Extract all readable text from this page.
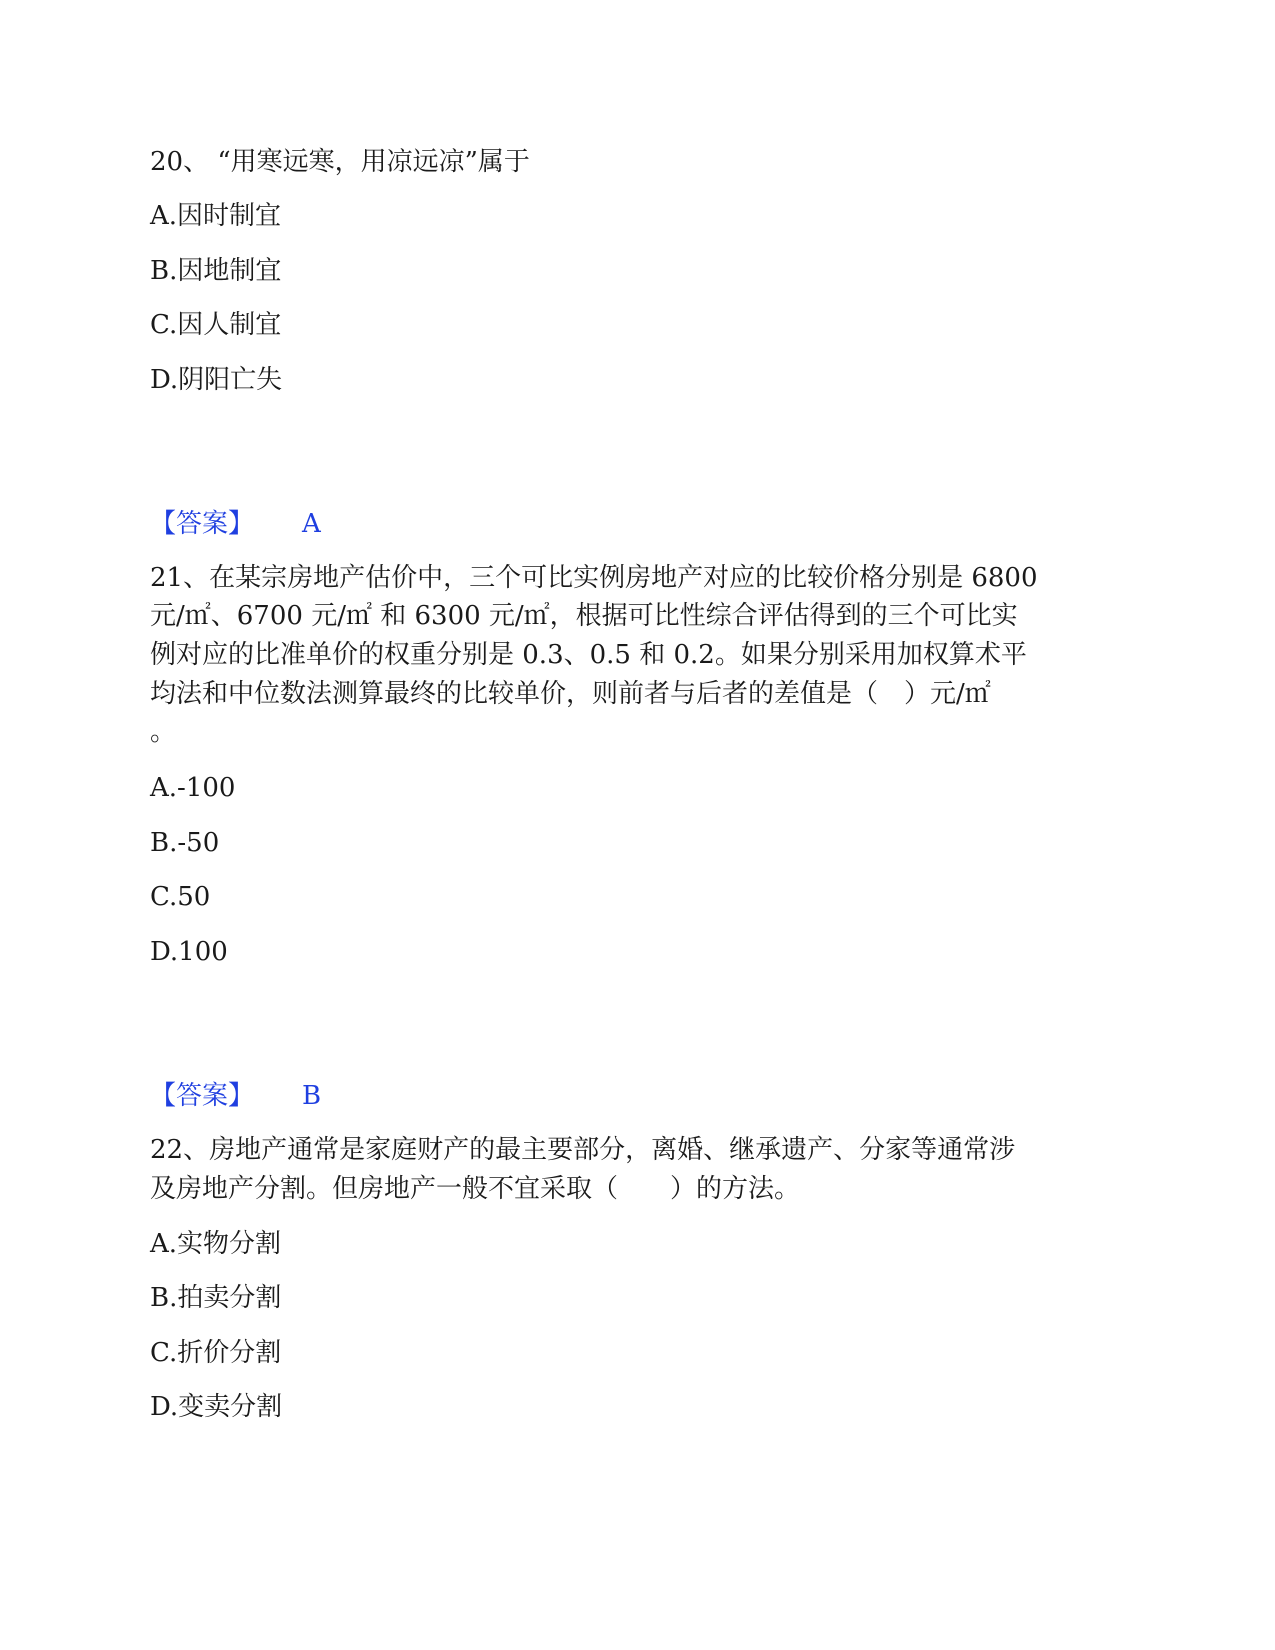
20、 “用寒远寒，用凉远凉”属于
A.因时制宜
B.因地制宜
C.因人制宜
D.阴阳亡失
【答案】 A
21、在某宗房地产估价中，三个可比实例房地产对应的比较价格分别是 6800
元/㎡、6700 元/㎡ 和 6300 元/㎡，根据可比性综合评估得到的三个可比实
例对应的比准单价的权重分别是 0.3、0.5 和 0.2。如果分别采用加权算术平
均法和中位数法测算最终的比较单价，则前者与后者的差值是（　）元/㎡
。
A.-100
B.-50
C.50
D.100
【答案】 B
22、房地产通常是家庭财产的最主要部分，离婚、继承遗产、分家等通常涉
及房地产分割。但房地产一般不宜采取（　　）的方法。
A.实物分割
B.拍卖分割
C.折价分割
D.变卖分割
